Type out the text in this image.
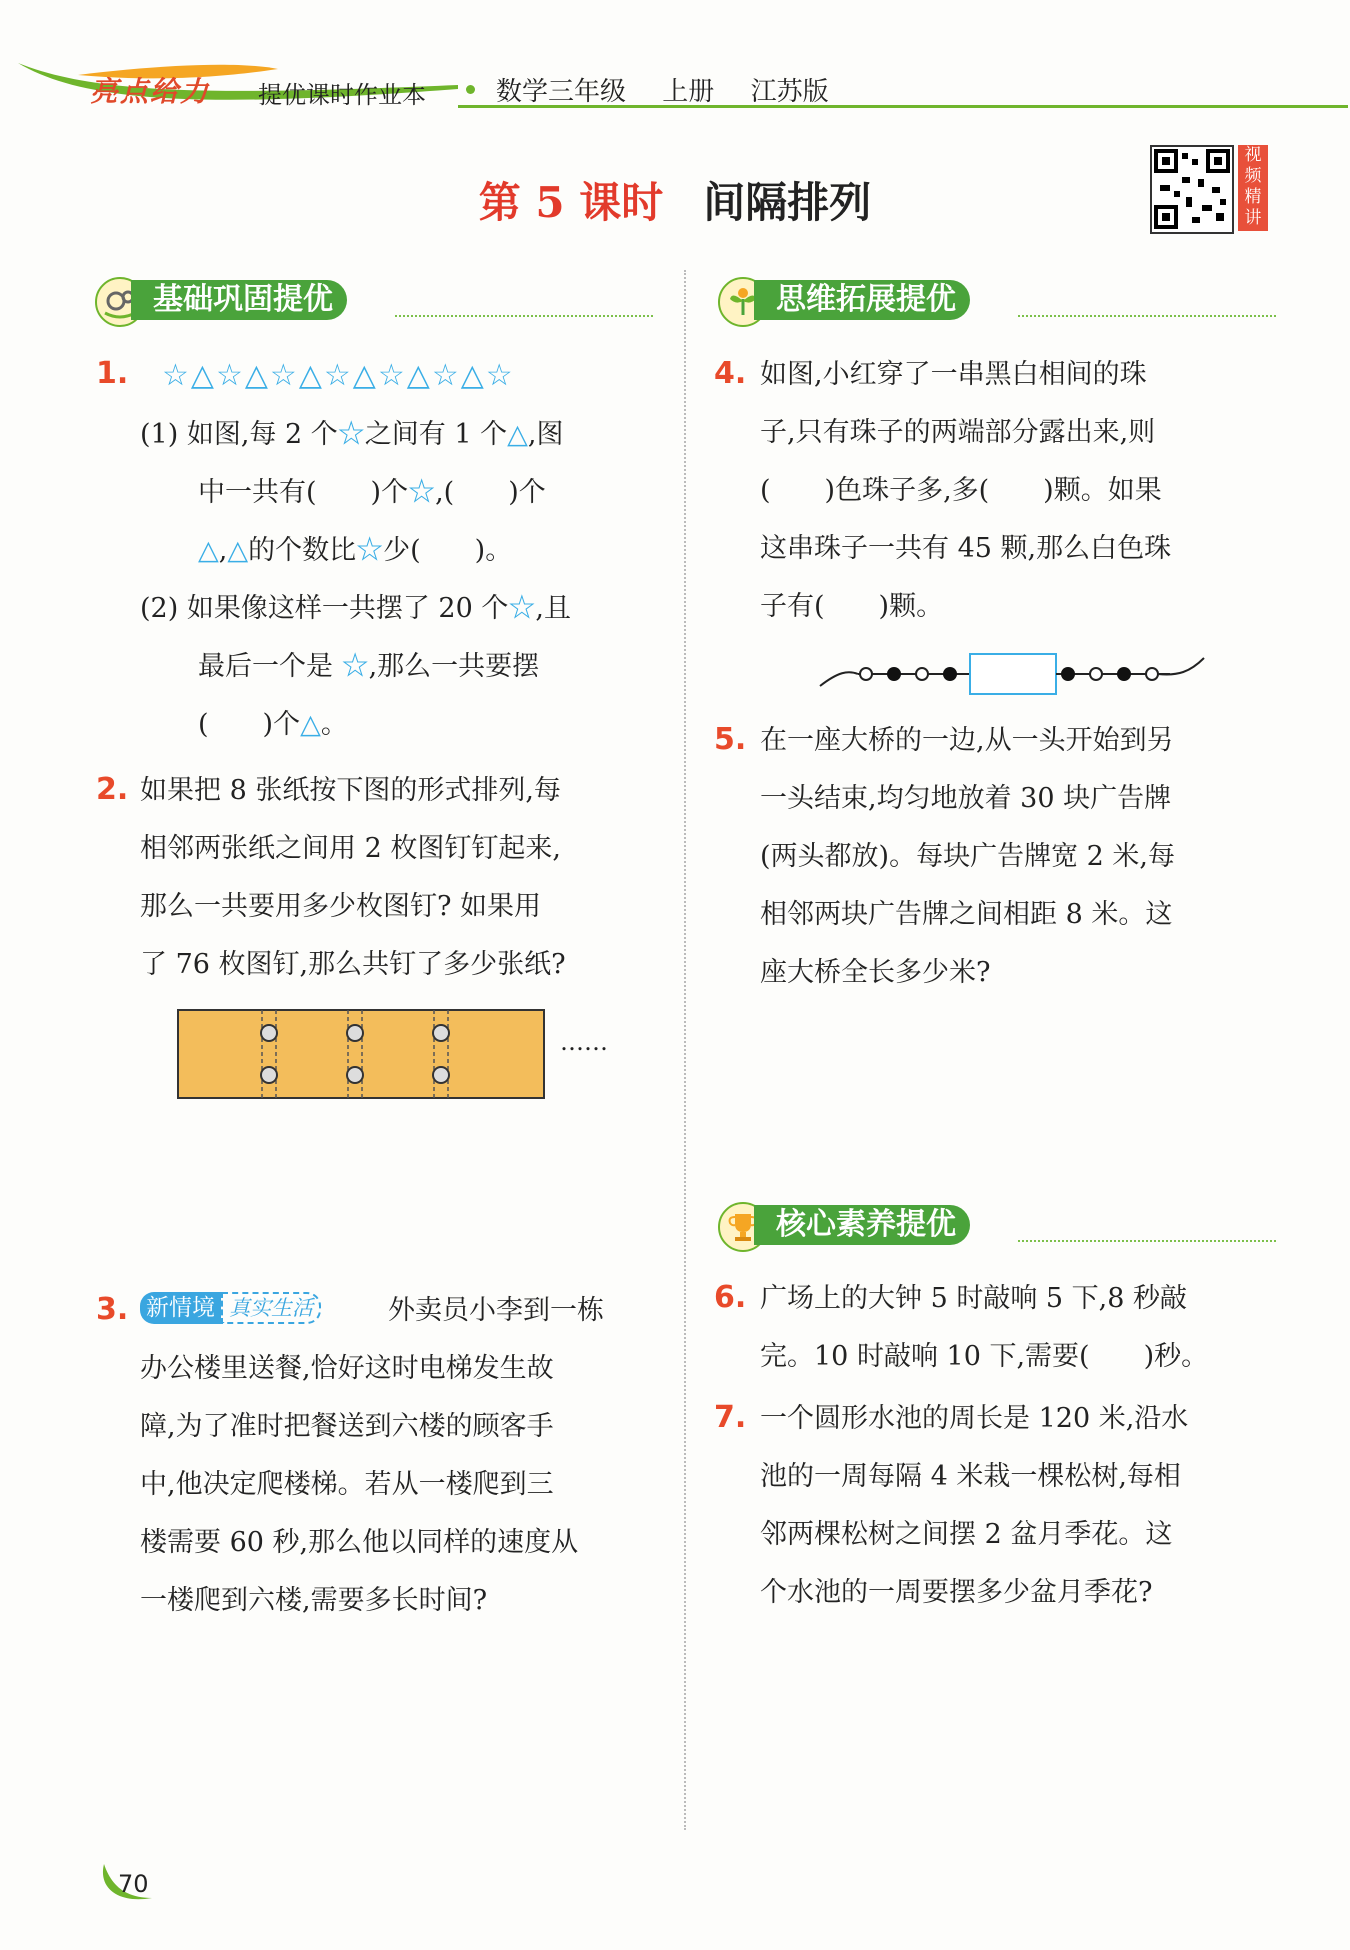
亮点给力 提优课时作业本	数学三年级 上册 江苏版
第 5 课时 间隔排列
视频精讲
基础巩固提优
1. ☆△☆△☆△☆△☆△☆△☆
(1) 如图,每 2 个☆之间有 1 个△,图
中一共有(　　)个☆,(　　)个
△,△的个数比☆少(　　)。
(2) 如果像这样一共摆了 20 个☆,且
最后一个是 ☆,那么一共要摆
(　　)个△。
2. 如果把 8 张纸按下图的形式排列,每
相邻两张纸之间用 2 枚图钉钉起来,
那么一共要用多少枚图钉? 如果用
了 76 枚图钉,那么共钉了多少张纸?
……
3. 新情境 真实生活	外卖员小李到一栋
办公楼里送餐,恰好这时电梯发生故
障,为了准时把餐送到六楼的顾客手
中,他决定爬楼梯。若从一楼爬到三
楼需要 60 秒,那么他以同样的速度从
一楼爬到六楼,需要多长时间?
思维拓展提优
4. 如图,小红穿了一串黑白相间的珠
子,只有珠子的两端部分露出来,则
(　　)色珠子多,多(　　)颗。如果
这串珠子一共有 45 颗,那么白色珠
子有(　　)颗。
5. 在一座大桥的一边,从一头开始到另
一头结束,均匀地放着 30 块广告牌
(两头都放)。每块广告牌宽 2 米,每
相邻两块广告牌之间相距 8 米。这
座大桥全长多少米?
核心素养提优
6. 广场上的大钟 5 时敲响 5 下,8 秒敲
完。10 时敲响 10 下,需要(　　)秒。
7. 一个圆形水池的周长是 120 米,沿水
池的一周每隔 4 米栽一棵松树,每相
邻两棵松树之间摆 2 盆月季花。这
个水池的一周要摆多少盆月季花?
70
